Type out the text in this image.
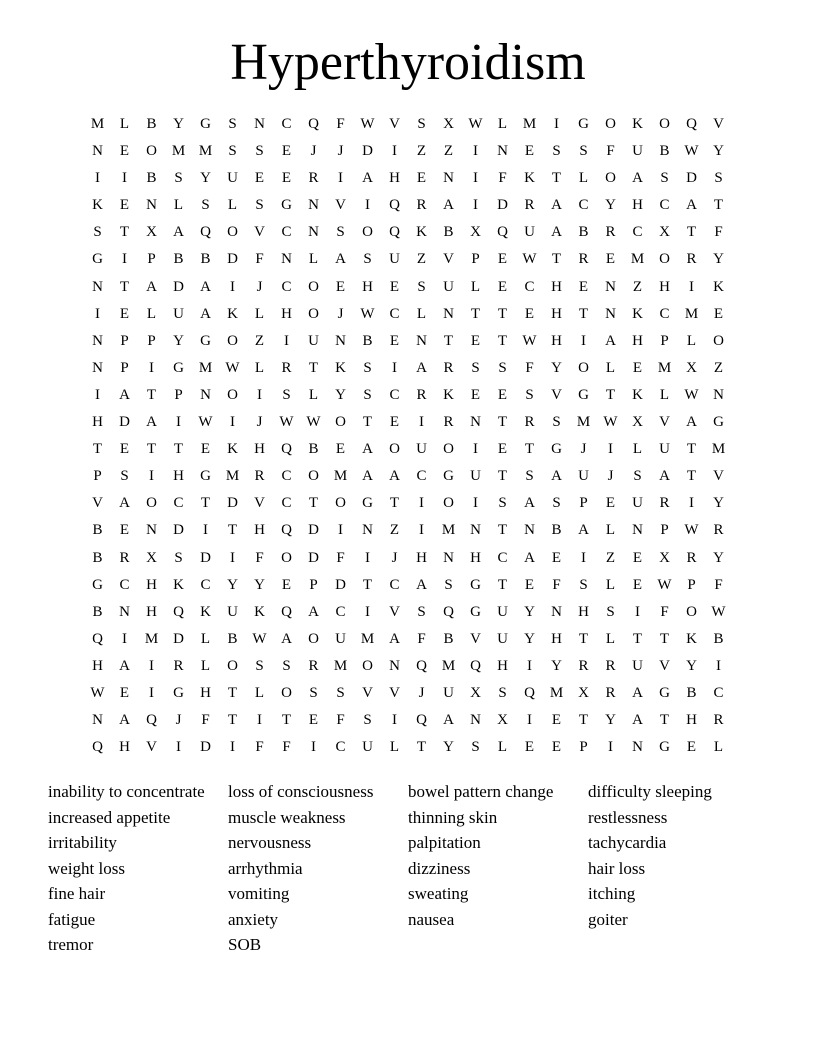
Hyperthyroidism
M	L	B	Y	G	S	N	C	Q	F	W V	S	X W	L	M	I	G	O	K	O	Q	V
N	E	O M M	S	S	E	J	J	D	I	Z	Z	I	N	E	S	S	F	U	B W Y
I	I	B	S	Y	U	E	E	R	I	A	H	E	N	I	F	K	T	L	O	A	S	D	S
K	E	N	L	S	L	S	G	N	V	I	Q	R	A	I	D	R	A	C	Y	H	C	A	T
S	T	X	A	Q	O	V	C	N	S	O	Q	K	B	X	Q	U	A	B	R	C	X	T	F
G	I	P	B	B	D	F	N	L	A	S	U	Z	V	P	E	W	T	R	E	M O	R	Y
N	T	A	D	A	I	J	C	O	E	H	E	S	U	L	E	C	H	E	N	Z	H	I	K
I	E	L	U	A	K	L	H	O	J	W C	L	N	T	T	E	H	T	N	K	C	M	E
N	P	P	Y	G	O	Z	I	U	N	B	E	N	T	E	T	W H	I	A	H	P	L	O
N	P	I	G M W	L	R	T	K	S	I	A	R	S	S	F	Y	O	L	E	M X	Z
I	A	T	P	N	O	I	S	L	Y	S	C	R	K	E	E	S	V	G	T	K	L	W N
H	D	A	I	W	I	J	W W O	T	E	I	R	N	T	R	S	M W X	V	A	G
T	E	T	T	E	K	H	Q	B	E	A	O	U	O	I	E	T	G	J	I	L	U	T	M
P	S	I	H	G M	R	C	O M A	A	C	G	U	T	S	A	U	J	S	A	T	V
V	A	O	C	T	D	V	C	T	O	G	T	I	O	I	S	A	S	P	E	U	R	I	Y
B	E	N	D	I	T	H	Q	D	I	N	Z	I	M N	T	N	B	A	L	N	P	W R
B	R	X	S	D	I	F	O	D	F	I	J	H	N	H	C	A	E	I	Z	E	X	R	Y
G	C	H	K	C	Y	Y	E	P	D	T	C	A	S	G	T	E	F	S	L	E	W	P	F
B	N	H	Q	K	U	K	Q	A	C	I	V	S	Q	G	U	Y	N	H	S	I	F	O W
Q	I	M D	L	B W A	O	U M A	F	B	V	U	Y	H	T	L	T	T	K	B
H	A	I	R	L	O	S	S	R	M O	N	Q M Q	H	I	Y	R	R	U	V	Y	I
W	E	I	G	H	T	L	O	S	S	V	V	J	U	X	S	Q M X	R	A	G	B	C
N	A	Q	J	F	T	I	T	E	F	S	I	Q	A	N	X	I	E	T	Y	A	T	H	R
Q	H	V	I	D	I	F	F	I	C	U	L	T	Y	S	L	E	E	P	I	N	G	E	L
inability to concentrate
increased appetite
irritability
weight loss
fine hair
fatigue
tremor
loss of consciousness
muscle weakness
nervousness
arrhythmia
vomiting
anxiety
SOB
bowel pattern change
thinning skin
palpitation
dizziness
sweating
nausea
difficulty sleeping
restlessness
tachycardia
hair loss
itching
goiter
